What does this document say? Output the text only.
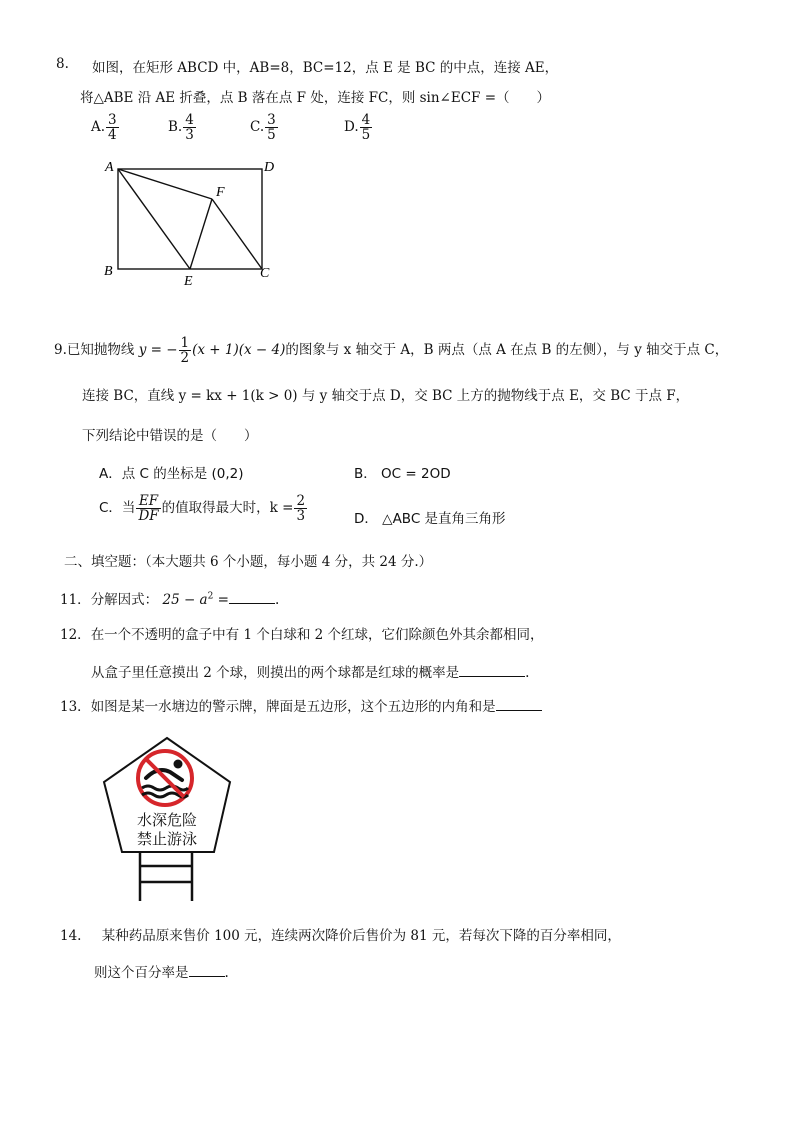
8. 如图，在矩形 ABCD 中，AB=8，BC=12，点 E 是 BC 的中点，连接 AE，
将△ABE 沿 AE 折叠，点 B 落在点 F 处，连接 FC，则 sin∠ECF =（　　）
A. $\frac{3}{4}$	B. $\frac{4}{3}$	C. $\frac{3}{5}$	D. $\frac{4}{5}$
A	D
F
B
E
C
9.已知抛物线 y = − $\frac{1}{2} (x + 1)(x - 4)$的图象与 x 轴交于 A，B 两点（点 A 在点 B 的左侧），与 y 轴交于点 C，
连接 BC，直线 y = kx + 1(k > 0) 与 y 轴交于点 D，交 BC 上方的抛物线于点 E，交 BC 于点 F，
下列结论中错误的是（　　）
A．点 C 的坐标是 (0,2)	B． OC = 2OD
C．当 $\frac{EF}{DF}$ 的值取得最大时，$k = \frac{2}{3}$	D． △ABC 是直角三角形
二、填空题：（本大题共 6 个小题，每小题 4 分，共 24 分.）
11．分解因式： $25 - a^2$ =	.
12．在一个不透明的盒子中有 1 个白球和 2 个红球，它们除颜色外其余都相同，
从盒子里任意摸出 2 个球，则摸出的两个球都是红球的概率是	.
13．如图是某一水塘边的警示牌，牌面是五边形，这个五边形的内角和是
水深危险
禁止游泳
14. 某种药品原来售价 100 元，连续两次降价后售价为 81 元，若每次下降的百分率相同，
则这个百分率是	.
